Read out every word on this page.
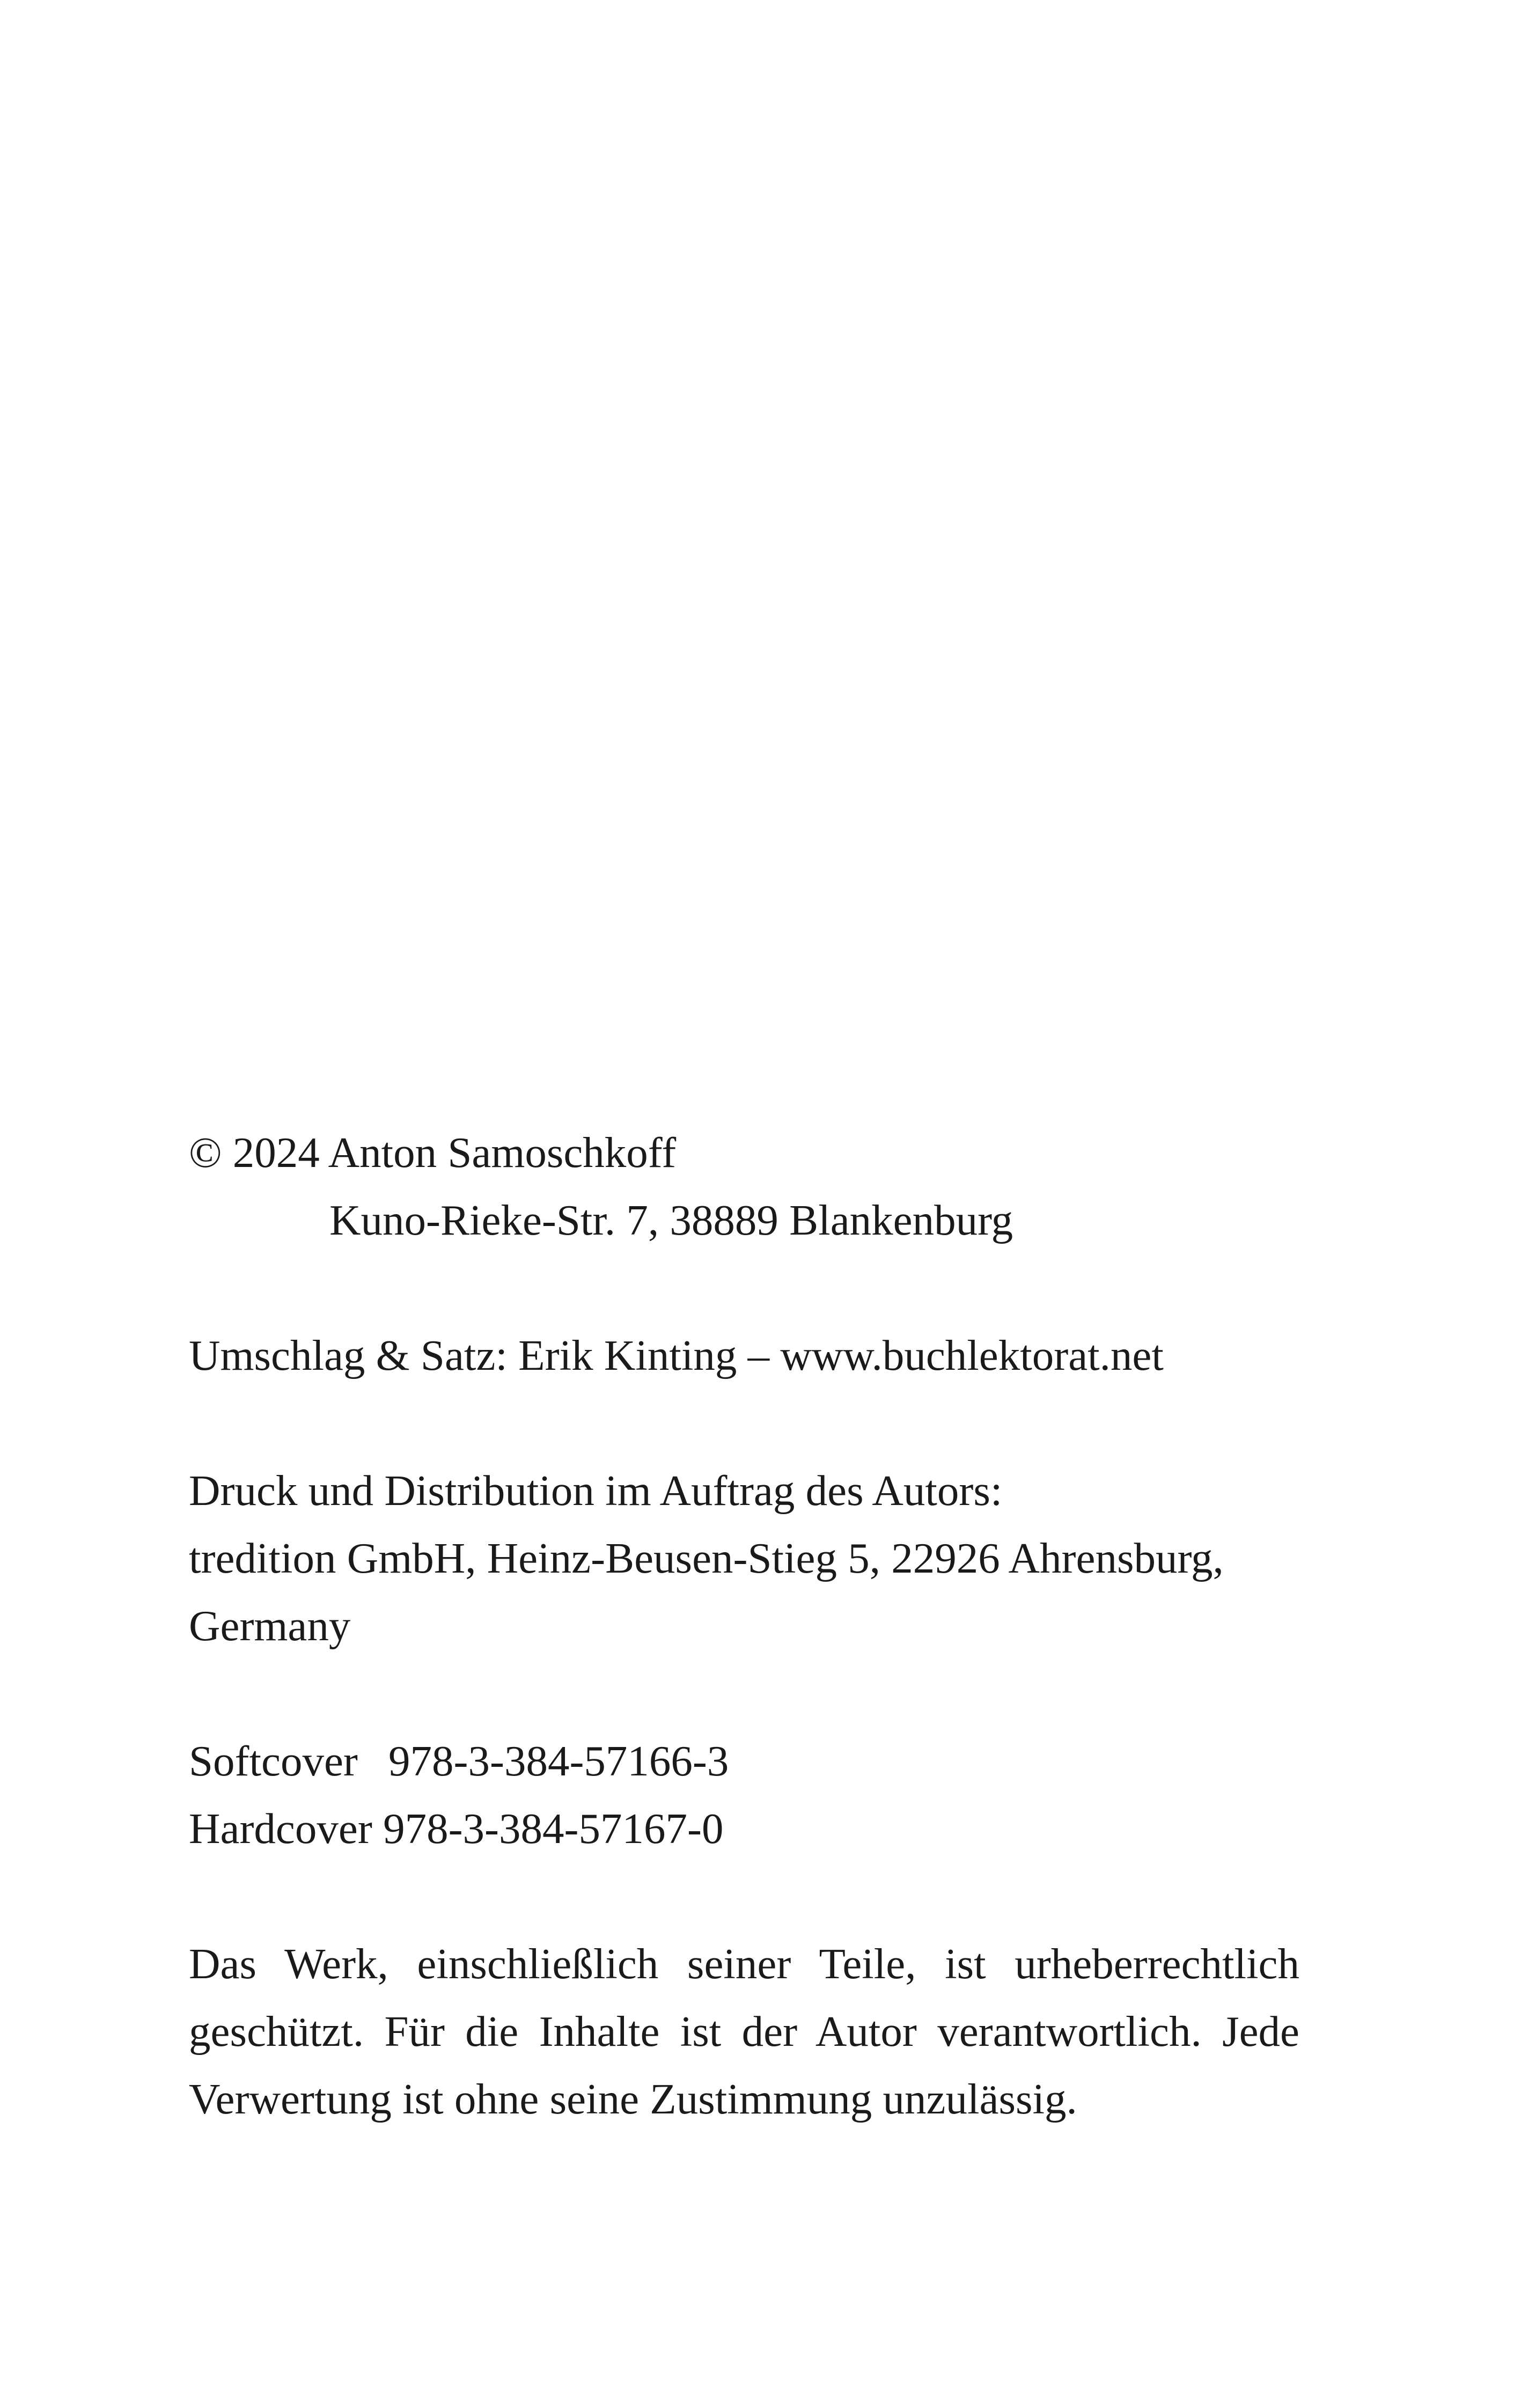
© 2024 Anton Samoschkoff
Kuno-Rieke-Str. 7, 38889 Blankenburg
Umschlag & Satz: Erik Kinting – www.buchlektorat.net
Druck und Distribution im Auftrag des Autors:
tredition GmbH, Heinz-Beusen-Stieg 5, 22926 Ahrensburg,
Germany
Softcover 978-3-384-57166-3
Hardcover 978-3-384-57167-0
Das Werk, einschließlich seiner Teile, ist urheberrechtlich geschützt. Für die Inhalte ist der Autor verantwortlich. Jede Verwertung ist ohne seine Zustimmung unzulässig.
